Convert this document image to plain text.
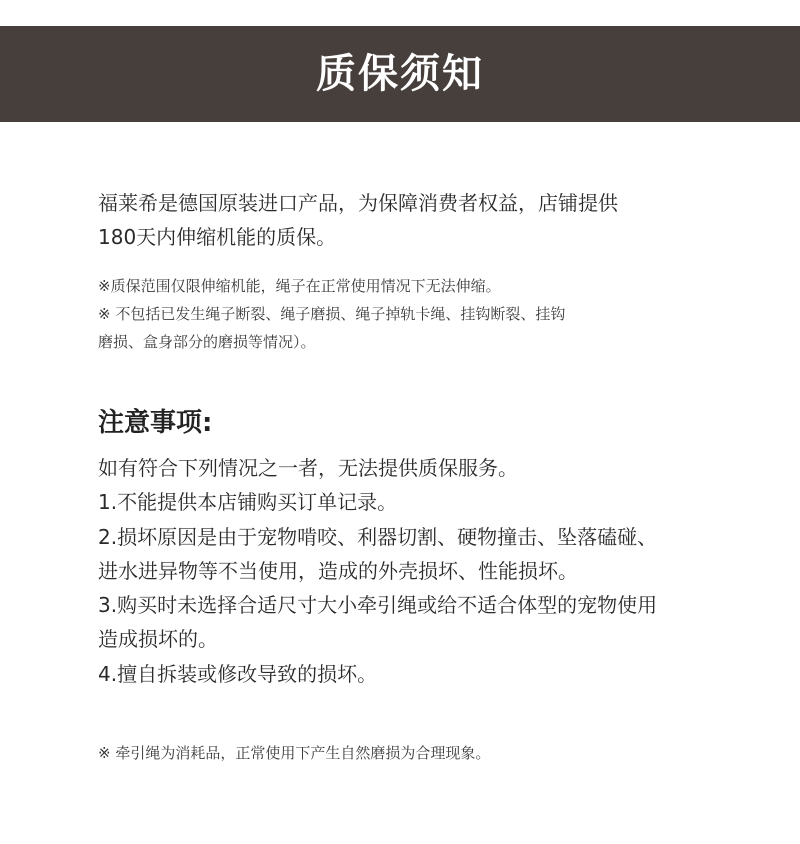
质保须知
福莱希是德国原装进口产品，为保障消费者权益，店铺提供
180天内伸缩机能的质保。
※质保范围仅限伸缩机能，绳子在正常使用情况下无法伸缩。
※ 不包括已发生绳子断裂、绳子磨损、绳子掉轨卡绳、挂钩断裂、挂钩
磨损、盒身部分的磨损等情况）。
注意事项:
如有符合下列情况之一者，无法提供质保服务。
1.不能提供本店铺购买订单记录。
2.损坏原因是由于宠物啃咬、利器切割、硬物撞击、坠落磕碰、
进水进异物等不当使用，造成的外壳损坏、性能损坏。
3.购买时未选择合适尺寸大小牵引绳或给不适合体型的宠物使用
造成损坏的。
4.擅自拆装或修改导致的损坏。
※ 牵引绳为消耗品，正常使用下产生自然磨损为合理现象。
